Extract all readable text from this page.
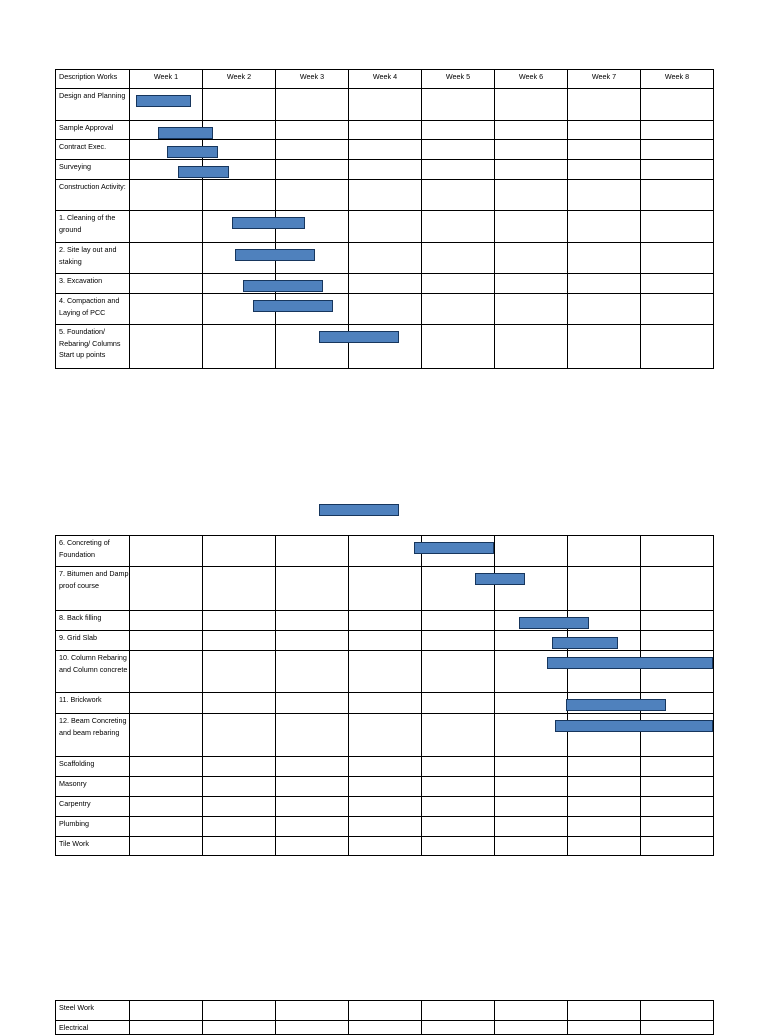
Description Works	Week 1	Week 2	Week 3	Week 4	Week 5	Week 6	Week 7	Week 8
Design and Planning								
Sample Approval								
Contract Exec.								
Surveying								
Construction Activity:								
1. Cleaning of the ground								
2. Site lay out and staking								
3. Excavation								
4. Compaction and Laying of PCC								
5. Foundation/ Rebaring/ Columns Start up points								
6. Concreting of Foundation								
7. Bitumen and Damp proof course								
8. Back filling								
9. Grid Slab								
10. Column Rebaring and Column concrete								
11. Brickwork								
12. Beam Concreting and beam rebaring								
Scaffolding								
Masonry								
Carpentry								
Plumbing								
Tile Work								
Steel Work								
Electrical								
